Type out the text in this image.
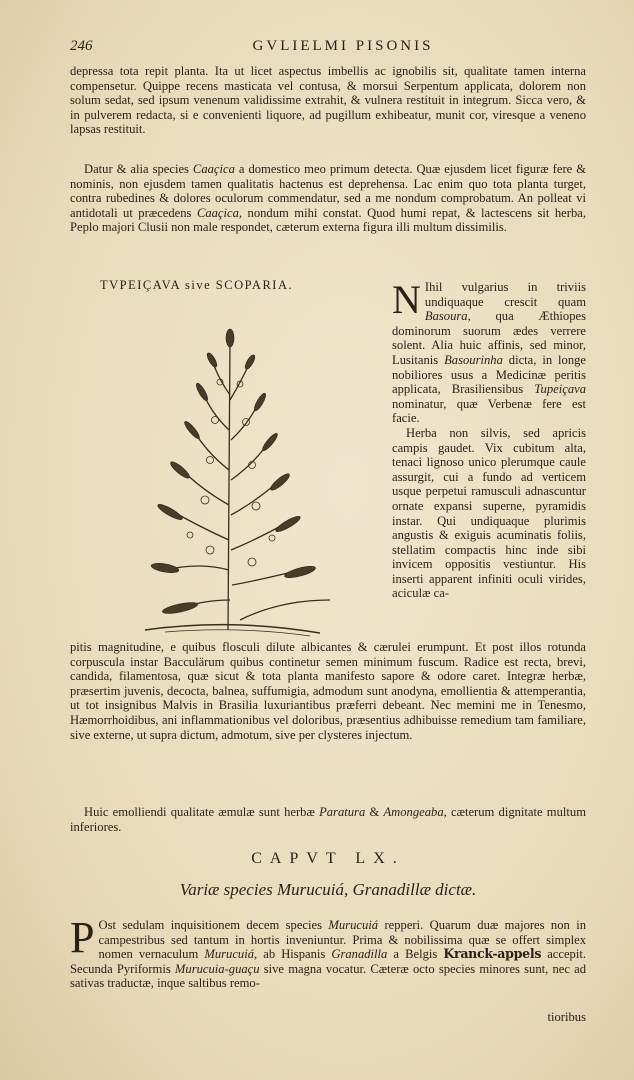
246	GVLIELMI PISONIS

depressa tota repit planta. Ita ut licet aspectus imbellis ac ignobilis sit, qualitate tamen interna compensetur. Quippe recens masticata vel contusa, & morsui Serpentum applicata, dolorem non solum sedat, sed ipsum venenum validissime extrahit, & vulnera restituit in integrum. Sicca vero, & in pulverem redacta, si e convenienti liquore, ad pugillum exhibeatur, munit cor, viresque a veneno lapsas restituit.

Datur & alia species Caaçica a domestico meo primum detecta. Quæ ejusdem licet figuræ fere & nominis, non ejusdem tamen qualitatis hactenus est deprehensa. Lac enim quo tota planta turget, contra rubedines & dolores oculorum commendatur, sed a me nondum comprobatum. An polleat vi antidotali ut præcedens Caaçica, nondum mihi constat. Quod humi repat, & lactescens sit herba, Peplo majori Clusii non male respondet, cæterum externa figura illi multum dissimilis.

TVPEIÇAVA sive SCOPARIA. N Ihil vulgarius in triviis undiquaque crescit quam Basoura, qua Æthiopes dominorum suorum ædes verrere solent. Alia huic affinis, sed minor, Lusitanis Basourinha dicta, in longe nobiliores usus a Medicinæ peritis applicata, Brasiliensibus Tupeiçava nominatur, quæ Verbenæ fere est facie.

Herba non silvis, sed apricis campis gaudet. Vix cubitum alta, tenaci lignoso unico plerumque caule assurgit, cui a fundo ad verticem usque perpetui ramusculi adnascuntur ornate expansi superne, pyramidis instar. Qui undiquaque plurimis angustis & exiguis acuminatis foliis, stellatim compactis hinc inde sibi invicem oppositis vestiuntur. His inserti apparent infiniti oculi virides, aciculæ ca-

pitis magnitudine, e quibus flosculi dilute albicantes & cærulei erumpunt. Et post illos rotunda corpuscula instar Bacculärum quibus continetur semen minimum fuscum. Radice est recta, brevi, candida, filamentosa, quæ sicut & tota planta manifesto sapore & odore caret. Integræ herbæ, præsertim juvenis, decocta, balnea, suffumigia, admodum sunt anodyna, emollientia & attemperantia, ut tot insignibus Malvis in Brasilia luxuriantibus præferri debeant. Nec memini me in Tenesmo, Hæmorrhoidibus, ani inflammationibus vel doloribus, præsentius adhibuisse remedium tam familiare, sive externe, ut supra dictum, admotum, sive per clysteres injectum.

Huic emolliendi qualitate æmulæ sunt herbæ Paratura & Amongeaba, cæterum dignitate multum inferiores.

CAPVT LX.
Variæ species Murucuiá, Granadillæ dictæ.

P Ost sedulam inquisitionem decem species Murucuiá repperi. Quarum duæ majores non in campestribus sed tantum in hortis inveniuntur. Prima & nobilissima quæ se offert simplex nomen vernaculum Murucuiá, ab Hispanis Granadilla a Belgis Kranck-appels accepit. Secunda Pyriformis Murucuia-guaçu sive magna vocatur. Cæteræ octo species minores sunt, nec ad sativas traductæ, inque saltibus remo-

tioribus
